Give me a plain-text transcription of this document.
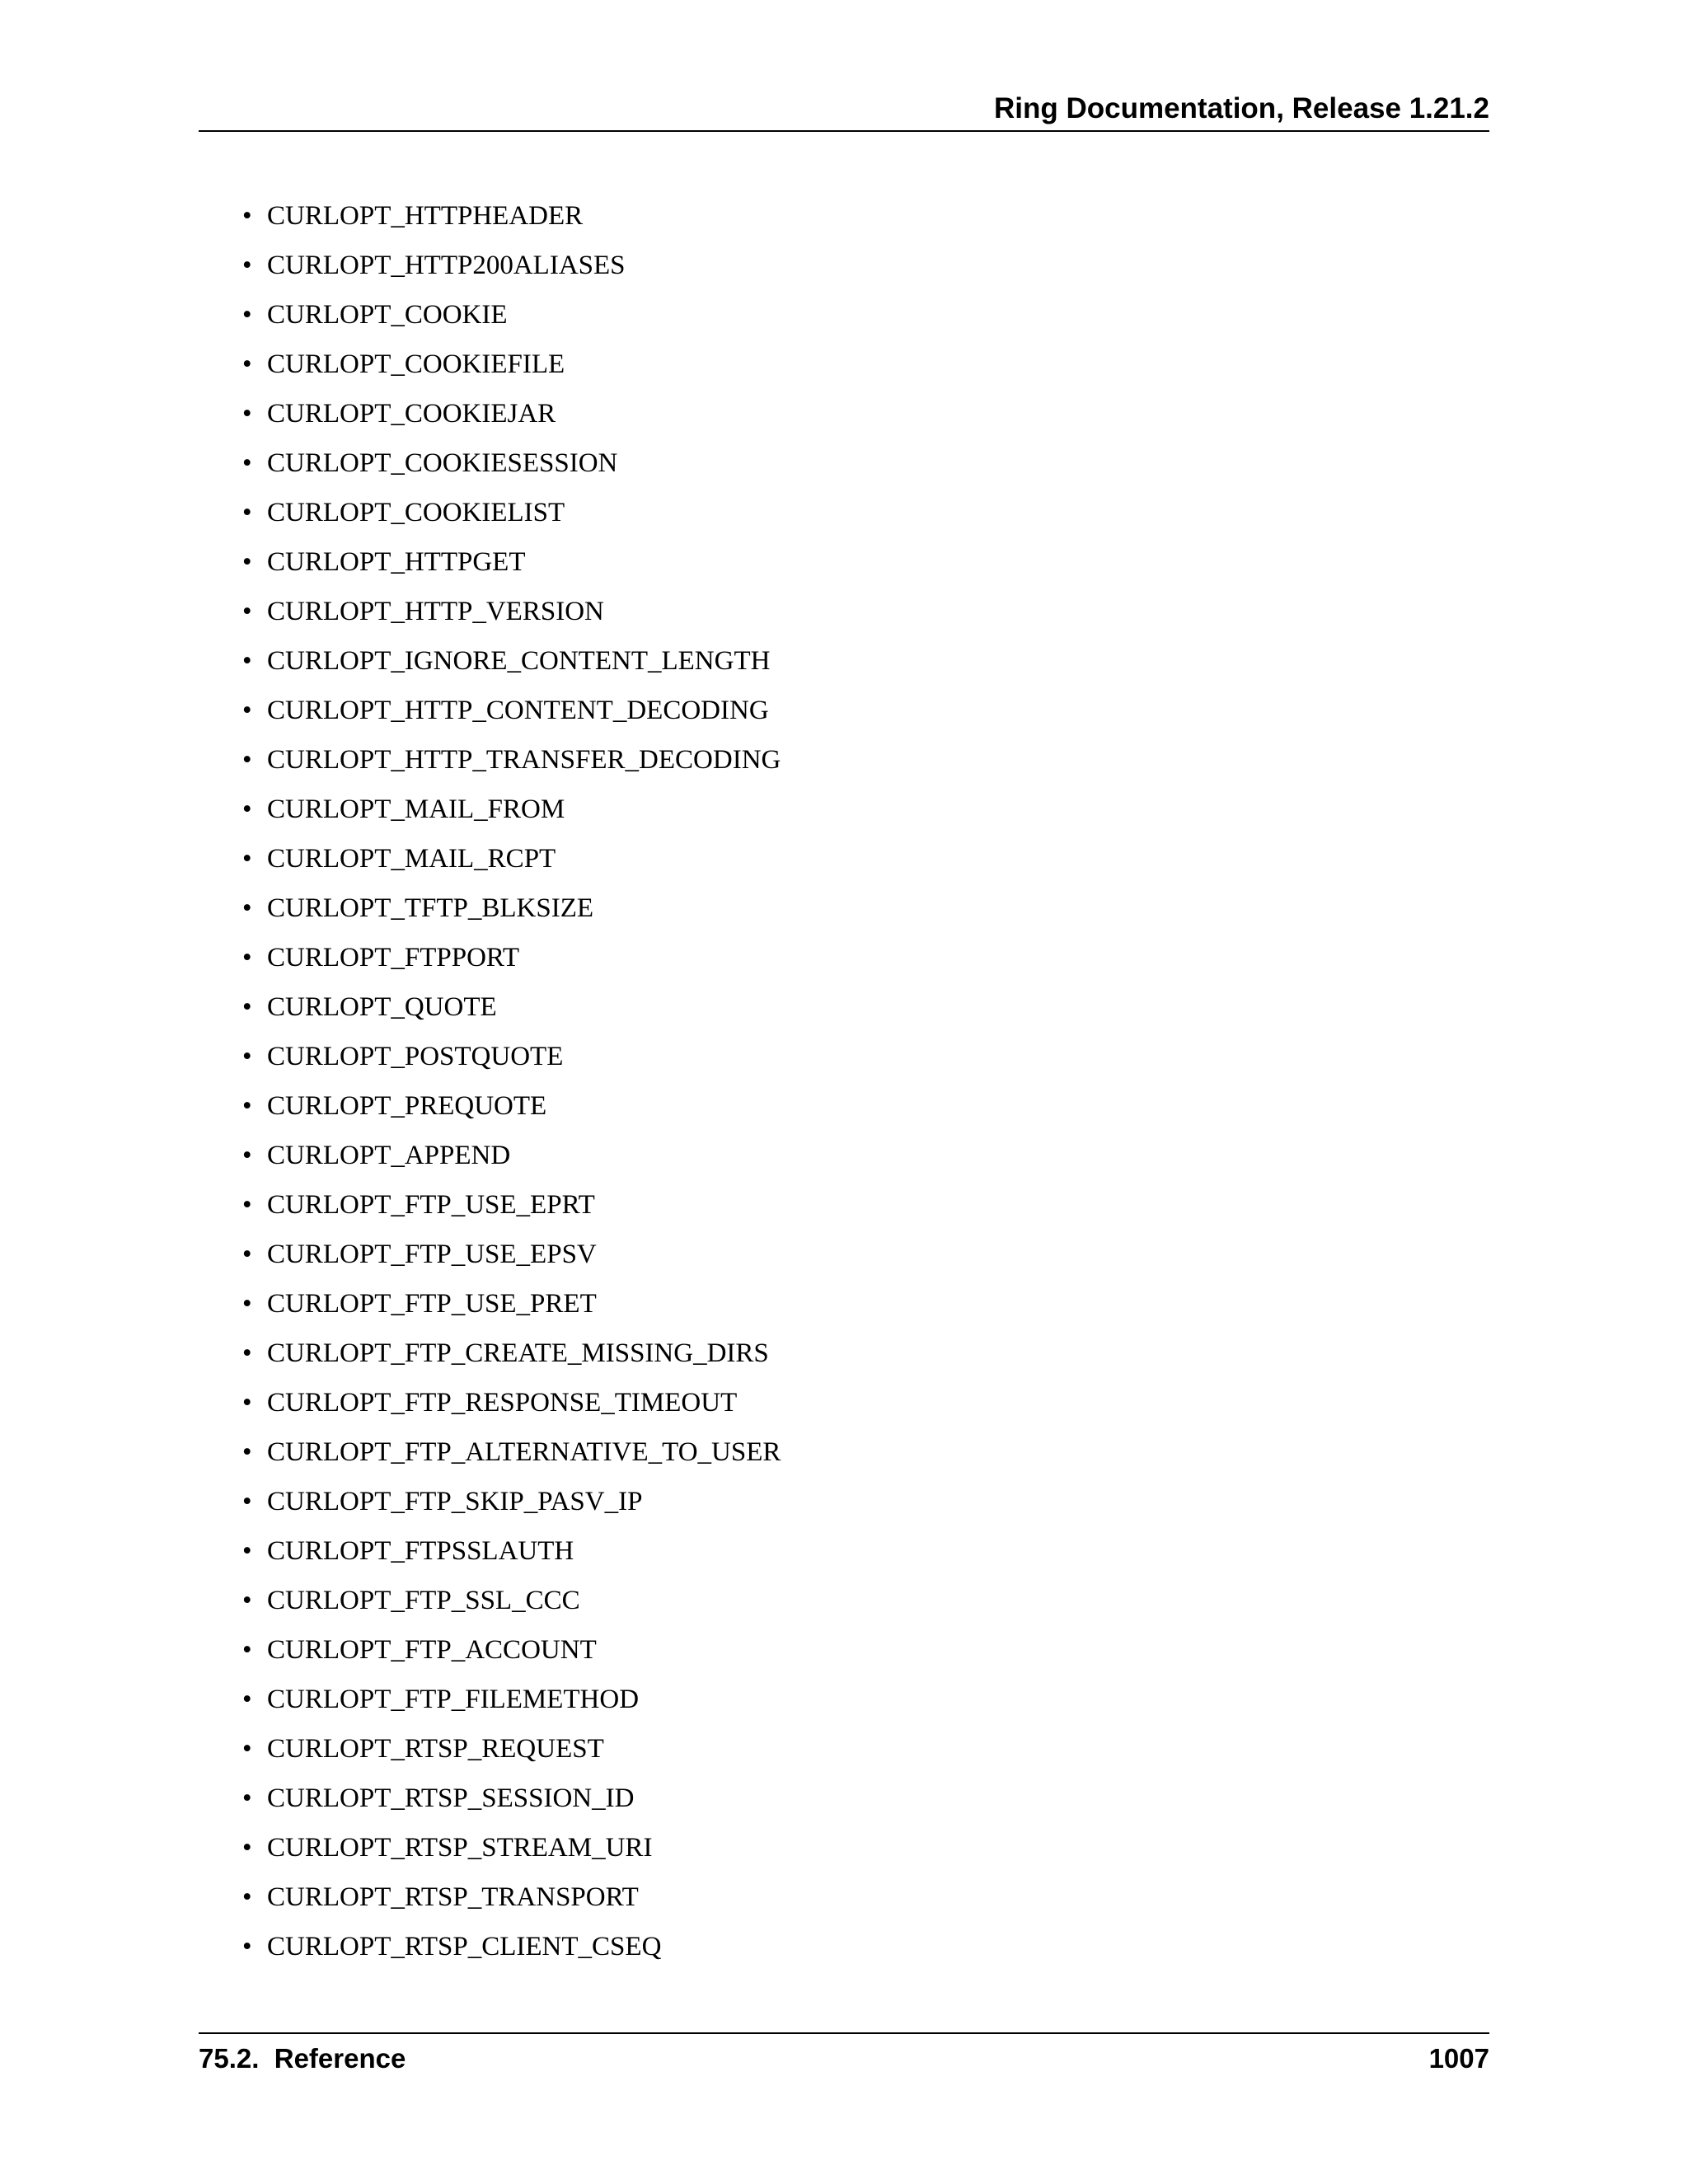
Ring Documentation, Release 1.21.2
• CURLOPT_HTTPHEADER
• CURLOPT_HTTP200ALIASES
• CURLOPT_COOKIE
• CURLOPT_COOKIEFILE
• CURLOPT_COOKIEJAR
• CURLOPT_COOKIESESSION
• CURLOPT_COOKIELIST
• CURLOPT_HTTPGET
• CURLOPT_HTTP_VERSION
• CURLOPT_IGNORE_CONTENT_LENGTH
• CURLOPT_HTTP_CONTENT_DECODING
• CURLOPT_HTTP_TRANSFER_DECODING
• CURLOPT_MAIL_FROM
• CURLOPT_MAIL_RCPT
• CURLOPT_TFTP_BLKSIZE
• CURLOPT_FTPPORT
• CURLOPT_QUOTE
• CURLOPT_POSTQUOTE
• CURLOPT_PREQUOTE
• CURLOPT_APPEND
• CURLOPT_FTP_USE_EPRT
• CURLOPT_FTP_USE_EPSV
• CURLOPT_FTP_USE_PRET
• CURLOPT_FTP_CREATE_MISSING_DIRS
• CURLOPT_FTP_RESPONSE_TIMEOUT
• CURLOPT_FTP_ALTERNATIVE_TO_USER
• CURLOPT_FTP_SKIP_PASV_IP
• CURLOPT_FTPSSLAUTH
• CURLOPT_FTP_SSL_CCC
• CURLOPT_FTP_ACCOUNT
• CURLOPT_FTP_FILEMETHOD
• CURLOPT_RTSP_REQUEST
• CURLOPT_RTSP_SESSION_ID
• CURLOPT_RTSP_STREAM_URI
• CURLOPT_RTSP_TRANSPORT
• CURLOPT_RTSP_CLIENT_CSEQ
75.2.  Reference	1007
